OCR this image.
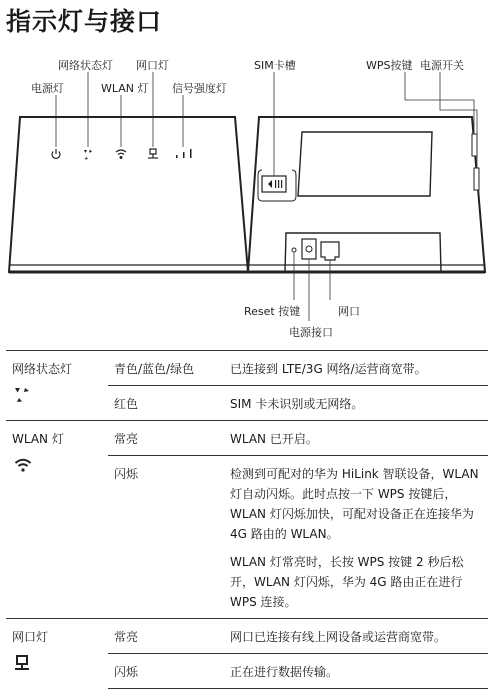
指示灯与接口
网络状态灯 网口灯
电源灯	WLAN 灯 信号强度灯
SIM卡槽	WPS按键 电源开关
Reset 按键	网口
电源接口
网络状态灯	青色/蓝色/绿色	已连接到 LTE/3G 网络/运营商宽带。
	红色	SIM 卡未识别或无网络。
WLAN 灯	常亮	WLAN 已开启。
	闪烁	检测到可配对的华为 HiLink 智联设备，WLAN 灯自动闪烁。此时点按一下 WPS 按键后，WLAN 灯闪烁加快，可配对设备正在连接华为 4G 路由的 WLAN。
WLAN 灯常亮时，长按 WPS 按键 2 秒后松开，WLAN 灯闪烁，华为 4G 路由正在进行 WPS 连接。

网口灯	常亮	网口已连接有线上网设备或运营商宽带。
	闪烁	正在进行数据传输。
